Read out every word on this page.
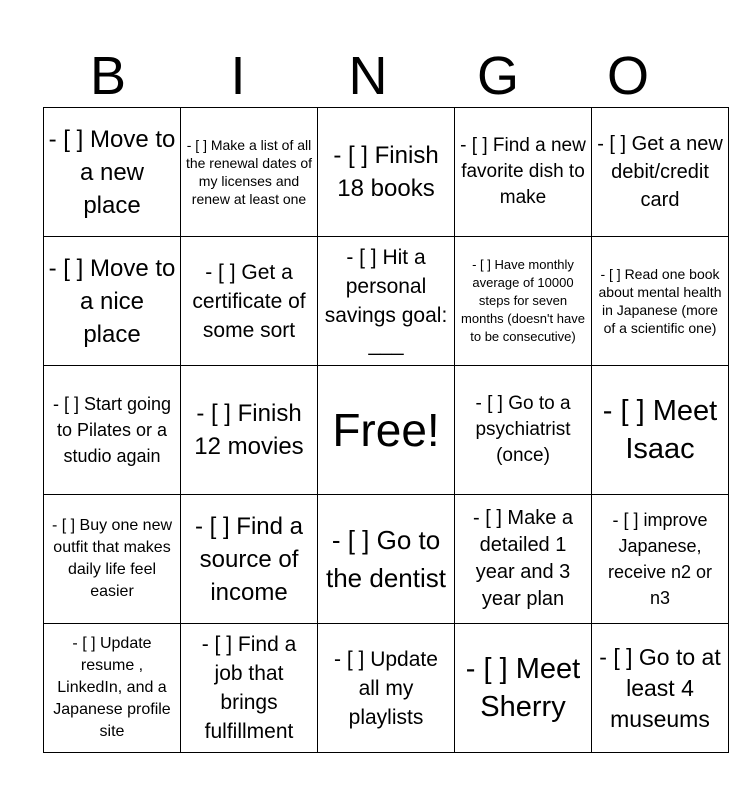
B	I	N	G	O
- [ ] Move to a new place	- [ ] Make a list of all the renewal dates of my licenses and renew at least one	- [ ] Finish 18 books	- [ ] Find a new favorite dish to make	- [ ] Get a new debit/credit card
- [ ] Move to a nice place	- [ ] Get a certificate of some sort	- [ ] Hit a personal savings goal: ___	- [ ] Have monthly average of 10000 steps for seven months (doesn't have to be consecutive)	- [ ] Read one book about mental health in Japanese (more of a scientific one)
- [ ] Start going to Pilates or a studio again	- [ ] Finish 12 movies	Free!	- [ ] Go to a psychiatrist (once)	- [ ] Meet Isaac
- [ ] Buy one new outfit that makes daily life feel easier	- [ ] Find a source of income	- [ ] Go to the dentist	- [ ] Make a detailed 1 year and 3 year plan	- [ ] improve Japanese, receive n2 or n3
- [ ] Update resume , LinkedIn, and a Japanese profile site	- [ ] Find a job that brings fulfillment	- [ ] Update all my playlists	- [ ] Meet Sherry	- [ ] Go to at least 4 museums
